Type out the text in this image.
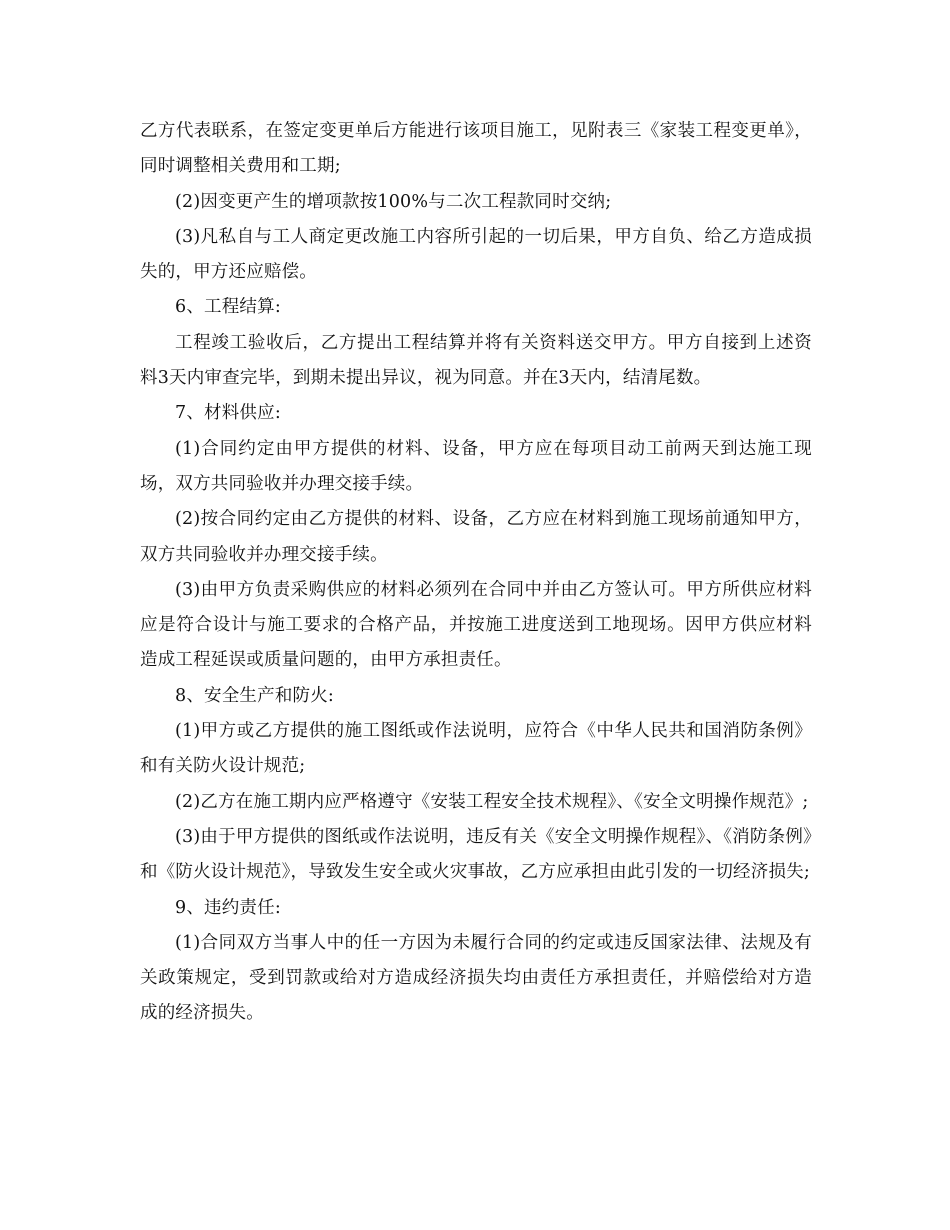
乙方代表联系，在签定变更单后方能进行该项目施工，见附表三《家装工程变更单》，同时调整相关费用和工期;

(2)因变更产生的增项款按100%与二次工程款同时交纳;

(3)凡私自与工人商定更改施工内容所引起的一切后果，甲方自负、给乙方造成损失的，甲方还应赔偿。

6、工程结算:

工程竣工验收后，乙方提出工程结算并将有关资料送交甲方。甲方自接到上述资料3天内审查完毕，到期未提出异议，视为同意。并在3天内，结清尾数。

7、材料供应:

(1)合同约定由甲方提供的材料、设备，甲方应在每项目动工前两天到达施工现场，双方共同验收并办理交接手续。

(2)按合同约定由乙方提供的材料、设备，乙方应在材料到施工现场前通知甲方，双方共同验收并办理交接手续。

(3)由甲方负责采购供应的材料必须列在合同中并由乙方签认可。甲方所供应材料应是符合设计与施工要求的合格产品，并按施工进度送到工地现场。因甲方供应材料造成工程延误或质量问题的，由甲方承担责任。

8、安全生产和防火:

(1)甲方或乙方提供的施工图纸或作法说明，应符合《中华人民共和国消防条例》和有关防火设计规范;

(2)乙方在施工期内应严格遵守《安装工程安全技术规程》、《安全文明操作规范》;

(3)由于甲方提供的图纸或作法说明，违反有关《安全文明操作规程》、《消防条例》和《防火设计规范》，导致发生安全或火灾事故，乙方应承担由此引发的一切经济损失;

9、违约责任:

(1)合同双方当事人中的任一方因为未履行合同的约定或违反国家法律、法规及有关政策规定，受到罚款或给对方造成经济损失均由责任方承担责任，并赔偿给对方造成的经济损失。
